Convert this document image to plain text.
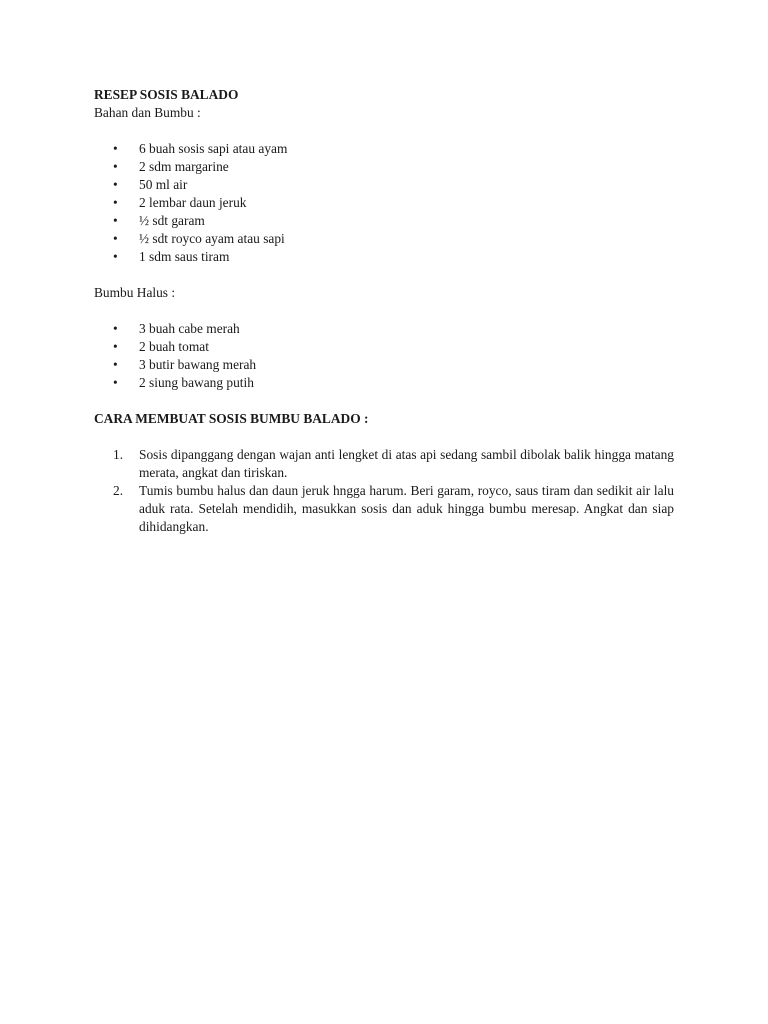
RESEP SOSIS BALADO

Bahan dan Bumbu :

• 6 buah sosis sapi atau ayam
• 2 sdm margarine
• 50 ml air
• 2 lembar daun jeruk
• ½ sdt garam
• ½ sdt royco ayam atau sapi
• 1 sdm saus tiram

Bumbu Halus :

• 3 buah cabe merah
• 2 buah tomat
• 3 butir bawang merah
• 2 siung bawang putih

CARA MEMBUAT SOSIS BUMBU BALADO :

1. Sosis dipanggang dengan wajan anti lengket di atas api sedang sambil dibolak balik hingga matang merata, angkat dan tiriskan.
2. Tumis bumbu halus dan daun jeruk hngga harum. Beri garam, royco, saus tiram dan sedikit air lalu aduk rata. Setelah mendidih, masukkan sosis dan aduk hingga bumbu meresap. Angkat dan siap dihidangkan.
